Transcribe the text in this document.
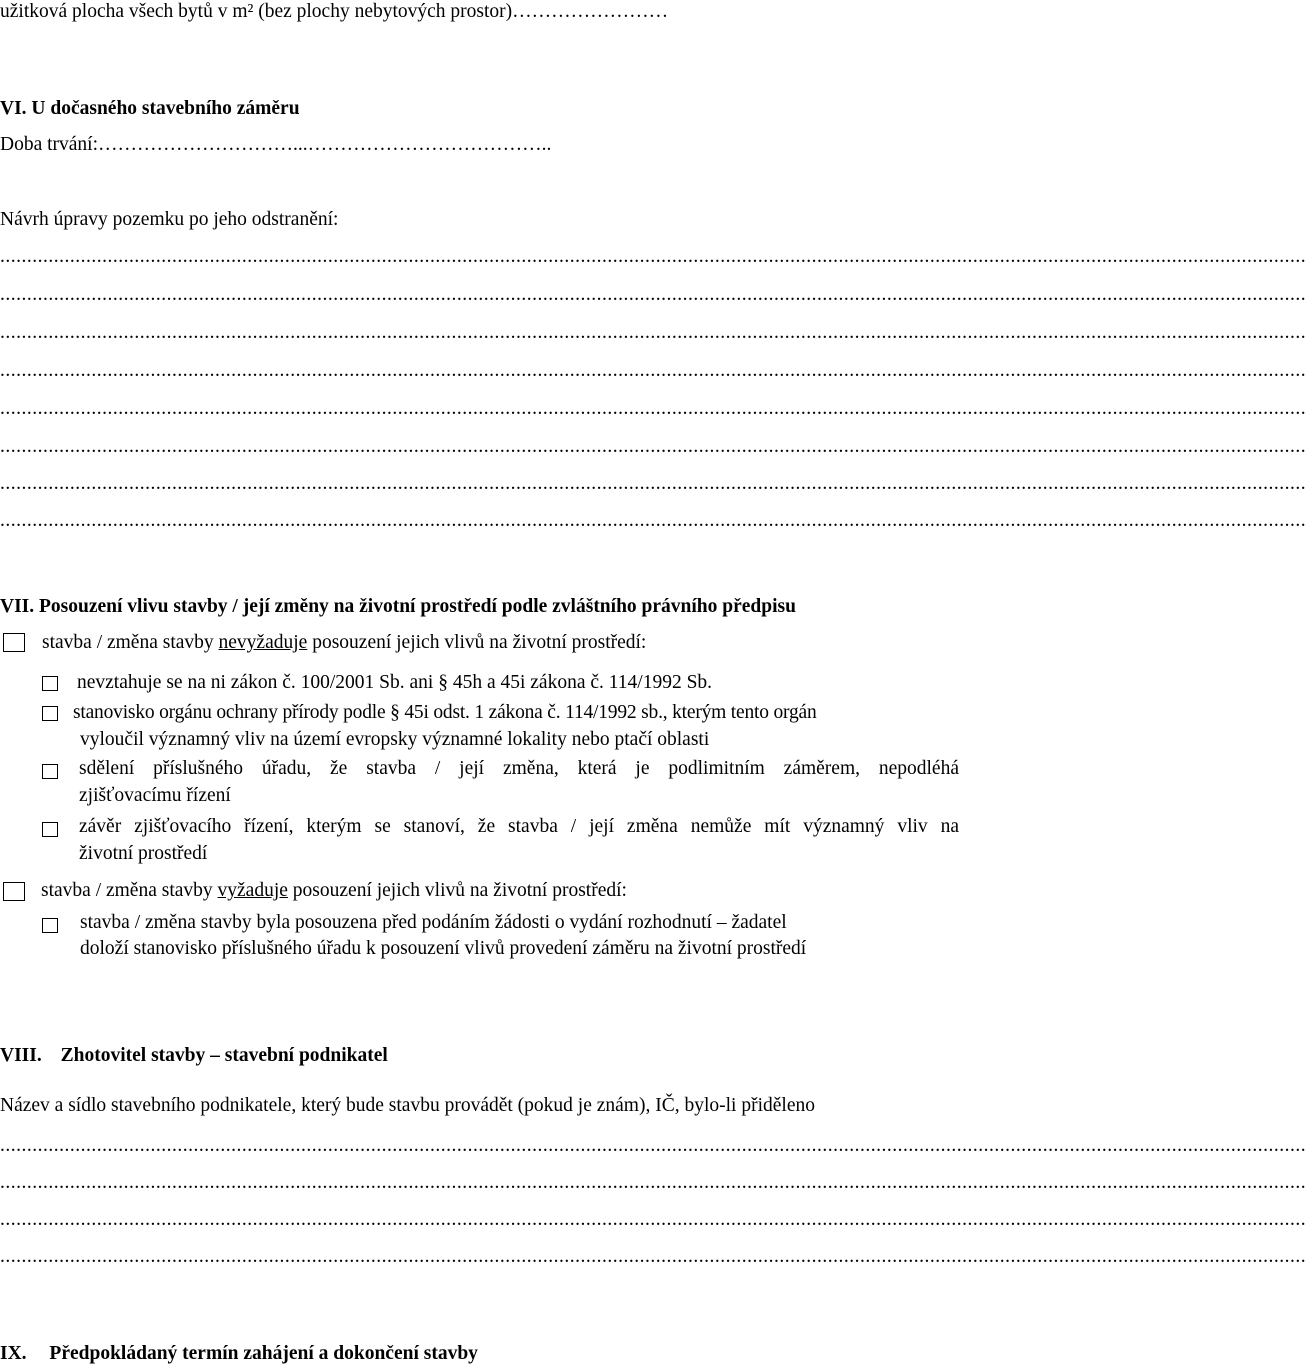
užitková plocha všech bytů v m² (bez plochy nebytových prostor)……………………
VI. U dočasného stavebního záměru
Doba trvání:…………………………...………………………………..
Návrh úpravy pozemku po jeho odstranění:
...................................................................................................................................................................................................................................................
...................................................................................................................................................................................................................................................
...................................................................................................................................................................................................................................................
...................................................................................................................................................................................................................................................
...................................................................................................................................................................................................................................................
...................................................................................................................................................................................................................................................
...................................................................................................................................................................................................................................................
...................................................................................................................................................................................................................................................
VII. Posouzení vlivu stavby / její změny na životní prostředí podle zvláštního právního předpisu
stavba / změna stavby nevyžaduje posouzení jejich vlivů na životní prostředí:
nevztahuje se na ni zákon č. 100/2001 Sb. ani § 45h a 45i zákona č. 114/1992 Sb.
stanovisko orgánu ochrany přírody podle § 45i odst. 1 zákona č. 114/1992 sb., kterým tento orgán
vyloučil významný vliv na území evropsky významné lokality nebo ptačí oblasti
sdělení příslušného úřadu, že stavba / její změna, která je podlimitním záměrem, nepodléhá
zjišťovacímu řízení
závěr zjišťovacího řízení, kterým se stanoví, že stavba / její změna nemůže mít významný vliv na
životní prostředí
stavba / změna stavby vyžaduje posouzení jejich vlivů na životní prostředí:
stavba / změna stavby byla posouzena před podáním žádosti o vydání rozhodnutí – žadatel
doloží stanovisko příslušného úřadu k posouzení vlivů provedení záměru na životní prostředí
VIII. Zhotovitel stavby – stavební podnikatel
Název a sídlo stavebního podnikatele, který bude stavbu provádět (pokud je znám), IČ, bylo-li přiděleno
...................................................................................................................................................................................................................................................
...................................................................................................................................................................................................................................................
...................................................................................................................................................................................................................................................
...................................................................................................................................................................................................................................................
IX. Předpokládaný termín zahájení a dokončení stavby
